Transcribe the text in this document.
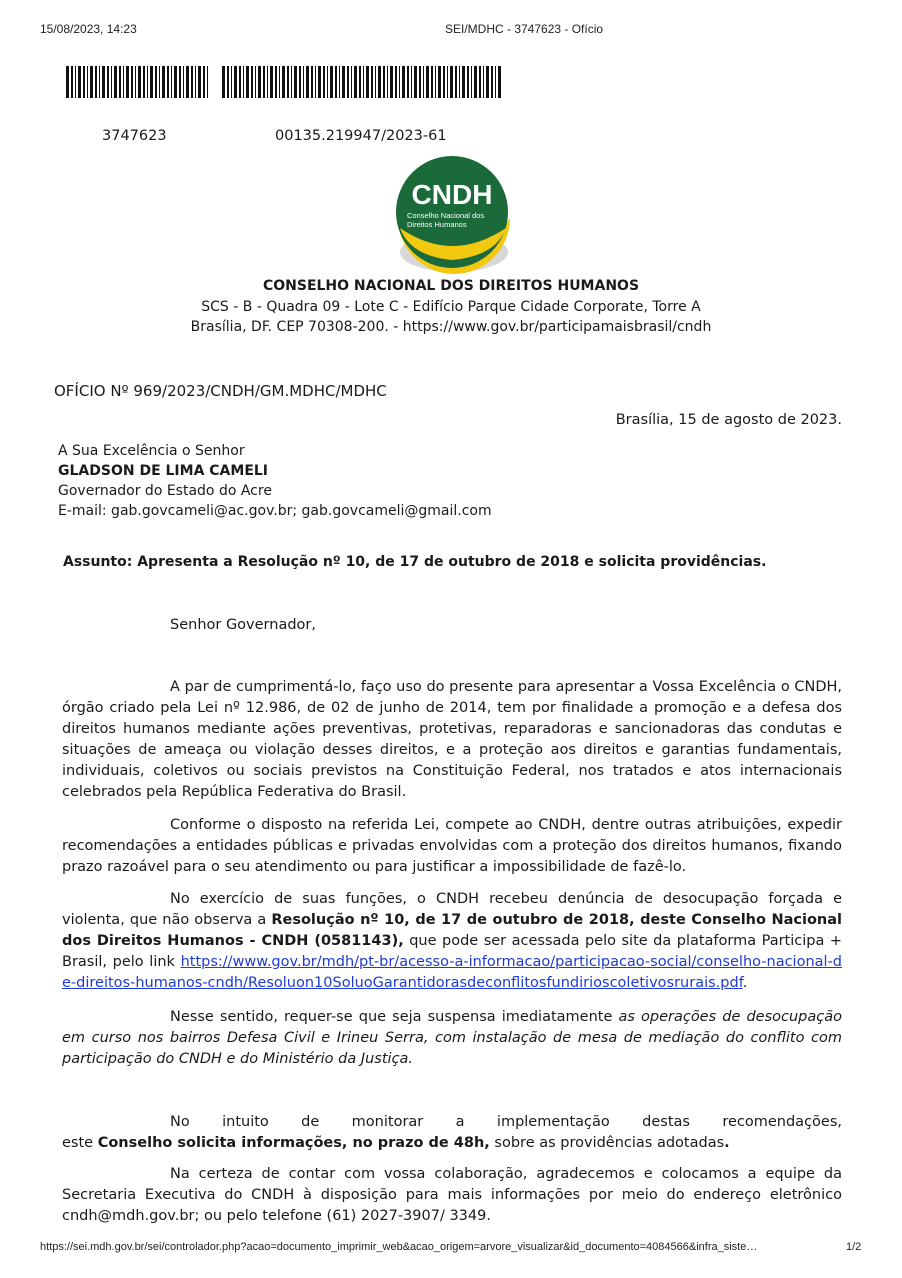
15/08/2023, 14:23	SEI/MDHC - 3747623 - Ofício
3747623	00135.219947/2023-61
CNDH
Conselho Nacional dos
Direitos Humanos
CONSELHO NACIONAL DOS DIREITOS HUMANOS
SCS - B - Quadra 09 - Lote C - Edifício Parque Cidade Corporate, Torre A
Brasília, DF. CEP 70308-200. - https://www.gov.br/participamaisbrasil/cndh
OFÍCIO Nº 969/2023/CNDH/GM.MDHC/MDHC
Brasília, 15 de agosto de 2023.
A Sua Excelência o Senhor
GLADSON DE LIMA CAMELI
Governador do Estado do Acre
E-mail: gab.govcameli@ac.gov.br; gab.govcameli@gmail.com
Assunto: Apresenta a Resolução nº 10, de 17 de outubro de 2018 e solicita providências.
Senhor Governador,

A par de cumprimentá-lo, faço uso do presente para apresentar a Vossa Excelência o CNDH, órgão criado pela Lei nº 12.986, de 02 de junho de 2014, tem por finalidade a promoção e a defesa dos direitos humanos mediante ações preventivas, protetivas, reparadoras e sancionadoras das condutas e situações de ameaça ou violação desses direitos, e a proteção aos direitos e garantias fundamentais, individuais, coletivos ou sociais previstos na Constituição Federal, nos tratados e atos internacionais celebrados pela República Federativa do Brasil.

Conforme o disposto na referida Lei, compete ao CNDH, dentre outras atribuições, expedir recomendações a entidades públicas e privadas envolvidas com a proteção dos direitos humanos, fixando prazo razoável para o seu atendimento ou para justificar a impossibilidade de fazê-lo.

No exercício de suas funções, o CNDH recebeu denúncia de desocupação forçada e violenta, que não observa a Resolução nº 10, de 17 de outubro de 2018, deste Conselho Nacional dos Direitos Humanos - CNDH (0581143), que pode ser acessada pelo site da plataforma Participa + Brasil, pelo link https://www.gov.br/mdh/pt-br/acesso-a-informacao/participacao-social/conselho-nacional-de-direitos-humanos-cndh/Resoluon10SoluoGarantidorasdeconflitosfundirioscoletivosrurais.pdf.

Nesse sentido, requer-se que seja suspensa imediatamente as operações de desocupação em curso nos bairros Defesa Civil e Irineu Serra, com instalação de mesa de mediação do conflito com participação do CNDH e do Ministério da Justiça.

No intuito de monitorar a implementação destas recomendações,

este Conselho solicita informações, no prazo de 48h, sobre as providências adotadas.

Na certeza de contar com vossa colaboração, agradecemos e colocamos a equipe da Secretaria Executiva do CNDH à disposição para mais informações por meio do endereço eletrônico cndh@mdh.gov.br; ou pelo telefone (61) 2027-3907/ 3349.

https://sei.mdh.gov.br/sei/controlador.php?acao=documento_imprimir_web&acao_origem=arvore_visualizar&id_documento=4084566&infra_siste…	1/2
